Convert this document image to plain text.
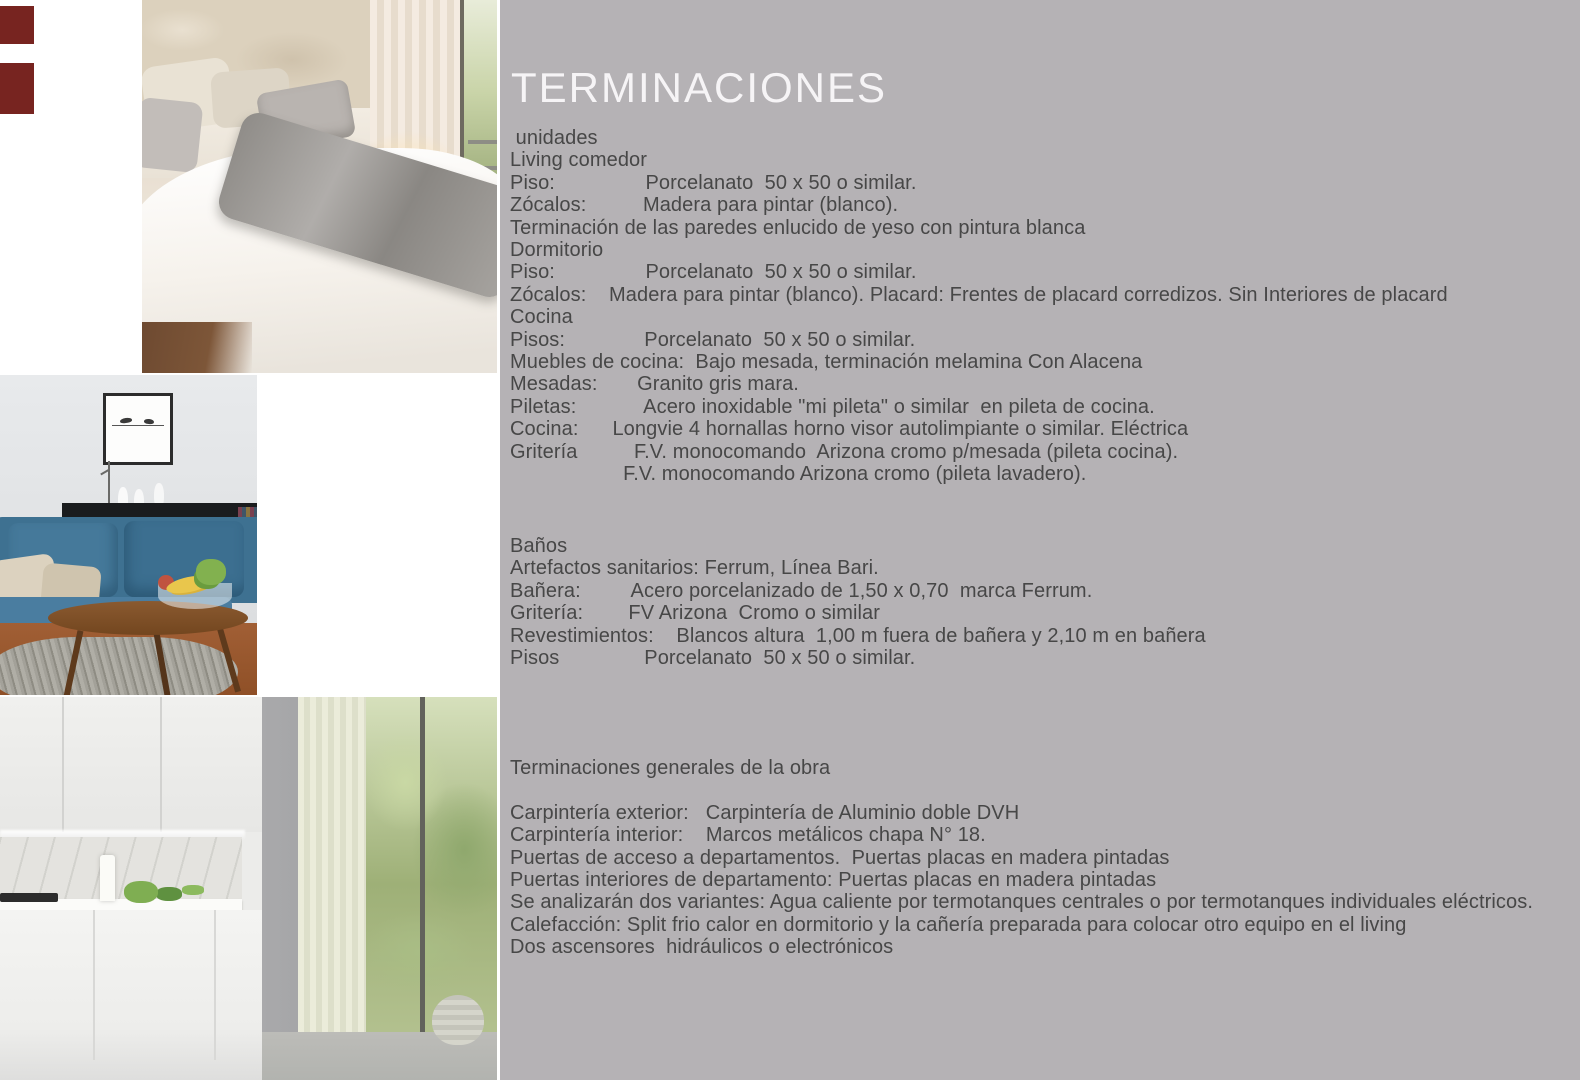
TERMINACIONES
unidades
Living comedor
Piso:                Porcelanato  50 x 50 o similar.
Zócalos:          Madera para pintar (blanco).
Terminación de las paredes enlucido de yeso con pintura blanca
Dormitorio
Piso:                Porcelanato  50 x 50 o similar.
Zócalos:    Madera para pintar (blanco). Placard: Frentes de placard corredizos. Sin Interiores de placard
Cocina
Pisos:              Porcelanato  50 x 50 o similar.
Muebles de cocina:  Bajo mesada, terminación melamina Con Alacena
Mesadas:       Granito gris mara.
Piletas:            Acero inoxidable "mi pileta" o similar  en pileta de cocina.
Cocina:      Longvie 4 hornallas horno visor autolimpiante o similar. Eléctrica
Gritería          F.V. monocomando  Arizona cromo p/mesada (pileta cocina).
F.V. monocomando Arizona cromo (pileta lavadero).
Baños
Artefactos sanitarios: Ferrum, Línea Bari.
Bañera:         Acero porcelanizado de 1,50 x 0,70  marca Ferrum.
Gritería:        FV Arizona  Cromo o similar
Revestimientos:    Blancos altura  1,00 m fuera de bañera y 2,10 m en bañera
Pisos               Porcelanato  50 x 50 o similar.
Terminaciones generales de la obra

Carpintería exterior:   Carpintería de Aluminio doble DVH
Carpintería interior:    Marcos metálicos chapa N° 18.
Puertas de acceso a departamentos.  Puertas placas en madera pintadas
Puertas interiores de departamento: Puertas placas en madera pintadas
Se analizarán dos variantes: Agua caliente por termotanques centrales o por termotanques individuales eléctricos.
Calefacción: Split frio calor en dormitorio y la cañería preparada para colocar otro equipo en el living
Dos ascensores  hidráulicos o electrónicos
